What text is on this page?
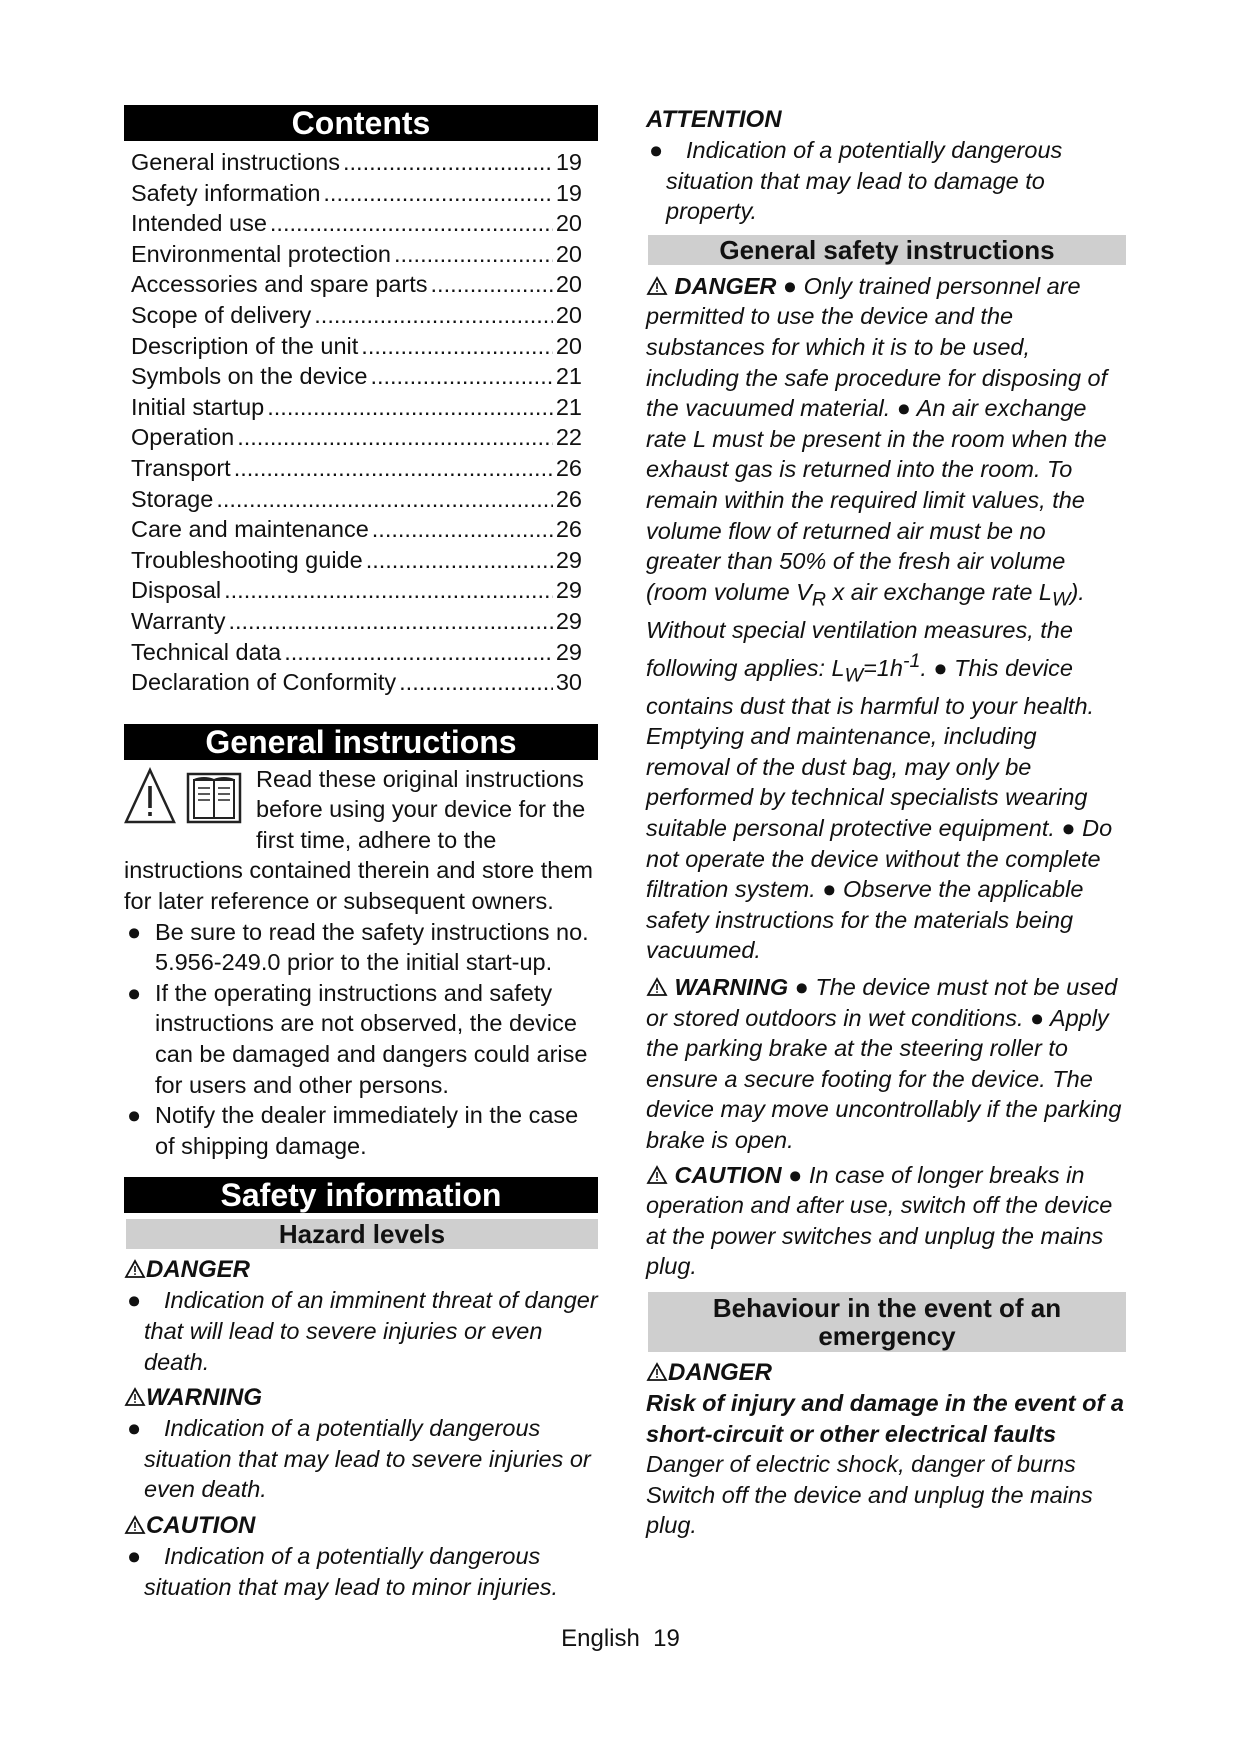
Contents
General instructions .....	19
Safety information .....	19
Intended use .....	20
Environmental protection .....	20
Accessories and spare parts .....	20
Scope of delivery .....	20
Description of the unit .....	20
Symbols on the device .....	21
Initial startup .....	21
Operation .....	22
Transport .....	26
Storage .....	26
Care and maintenance .....	26
Troubleshooting guide .....	29
Disposal .....	29
Warranty .....	29
Technical data .....	29
Declaration of Conformity .....	30
General instructions
Read these original instructions before using your device for the first time, adhere to the instructions contained therein and store them for later reference or subsequent owners.
● Be sure to read the safety instructions no. 5.956-249.0 prior to the initial start-up.
● If the operating instructions and safety instructions are not observed, the device can be damaged and dangers could arise for users and other persons.
● Notify the dealer immediately in the case of shipping damage.
Safety information
Hazard levels
DANGER
● Indication of an imminent threat of danger that will lead to severe injuries or even death.
WARNING
● Indication of a potentially dangerous situation that may lead to severe injuries or even death.
CAUTION
● Indication of a potentially dangerous situation that may lead to minor injuries.
ATTENTION
● Indication of a potentially dangerous situation that may lead to damage to property.
General safety instructions

DANGER ● Only trained personnel are permitted to use the device and the substances for which it is to be used, including the safe procedure for disposing of the vacuumed material. ● An air exchange rate L must be present in the room when the exhaust gas is returned into the room. To remain within the required limit values, the volume flow of returned air must be no greater than 50% of the fresh air volume (room volume $V_R$ x air exchange rate $L_W$). Without special ventilation measures, the following applies: $L_W=1h^{-1}$. ● This device contains dust that is harmful to your health. Emptying and maintenance, including removal of the dust bag, may only be performed by technical specialists wearing suitable personal protective equipment. ● Do not operate the device without the complete filtration system. ● Observe the applicable safety instructions for the materials being vacuumed.

WARNING ● The device must not be used or stored outdoors in wet conditions. ● Apply the parking brake at the steering roller to ensure a secure footing for the device. The device may move uncontrollably if the parking brake is open.

CAUTION ● In case of longer breaks in operation and after use, switch off the device at the power switches and unplug the mains plug.

Behaviour in the event of an emergency
DANGER
Risk of injury and damage in the event of a short-circuit or other electrical faults
Danger of electric shock, danger of burns
Switch off the device and unplug the mains plug.
English 19
